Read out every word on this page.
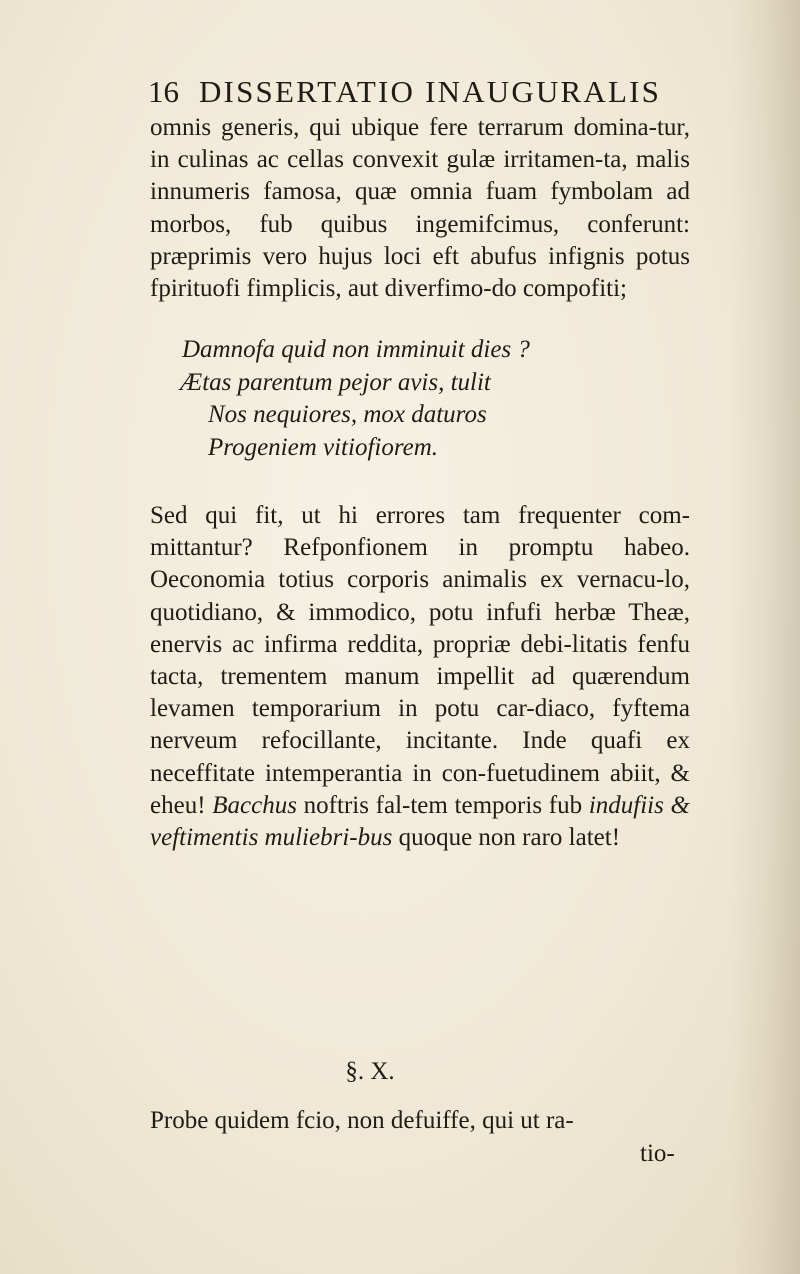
16 DISSERTATIO INAUGURALIS

omnis generis, qui ubique fere terrarum domina-tur, in culinas ac cellas convexit gulæ irritamen-ta, malis innumeris famosa, quæ omnia fuam fymbolam ad morbos, fub quibus ingemifcimus, conferunt: præprimis vero hujus loci eft abufus infignis potus fpirituofi fimplicis, aut diverfimo-do compofiti;

Damnofa quid non imminuit dies ?
Ætas parentum pejor avis, tulit
Nos nequiores, mox daturos
Progeniem vitiofiorem.

Sed qui fit, ut hi errores tam frequenter com-mittantur? Refponfionem in promptu habeo. Oeconomia totius corporis animalis ex vernacu-lo, quotidiano, & immodico, potu infufi herbæ Theæ, enervis ac infirma reddita, propriæ debi-litatis fenfu tacta, trementem manum impellit ad quærendum levamen temporarium in potu car-diaco, fyftema nerveum refocillante, incitante. Inde quafi ex neceffitate intemperantia in con-fuetudinem abiit, & eheu! Bacchus noftris fal-tem temporis fub indufiis & veftimentis muliebri-bus quoque non raro latet!

§. X.

Probe quidem fcio, non defuiffe, qui ut ra-

tio-
